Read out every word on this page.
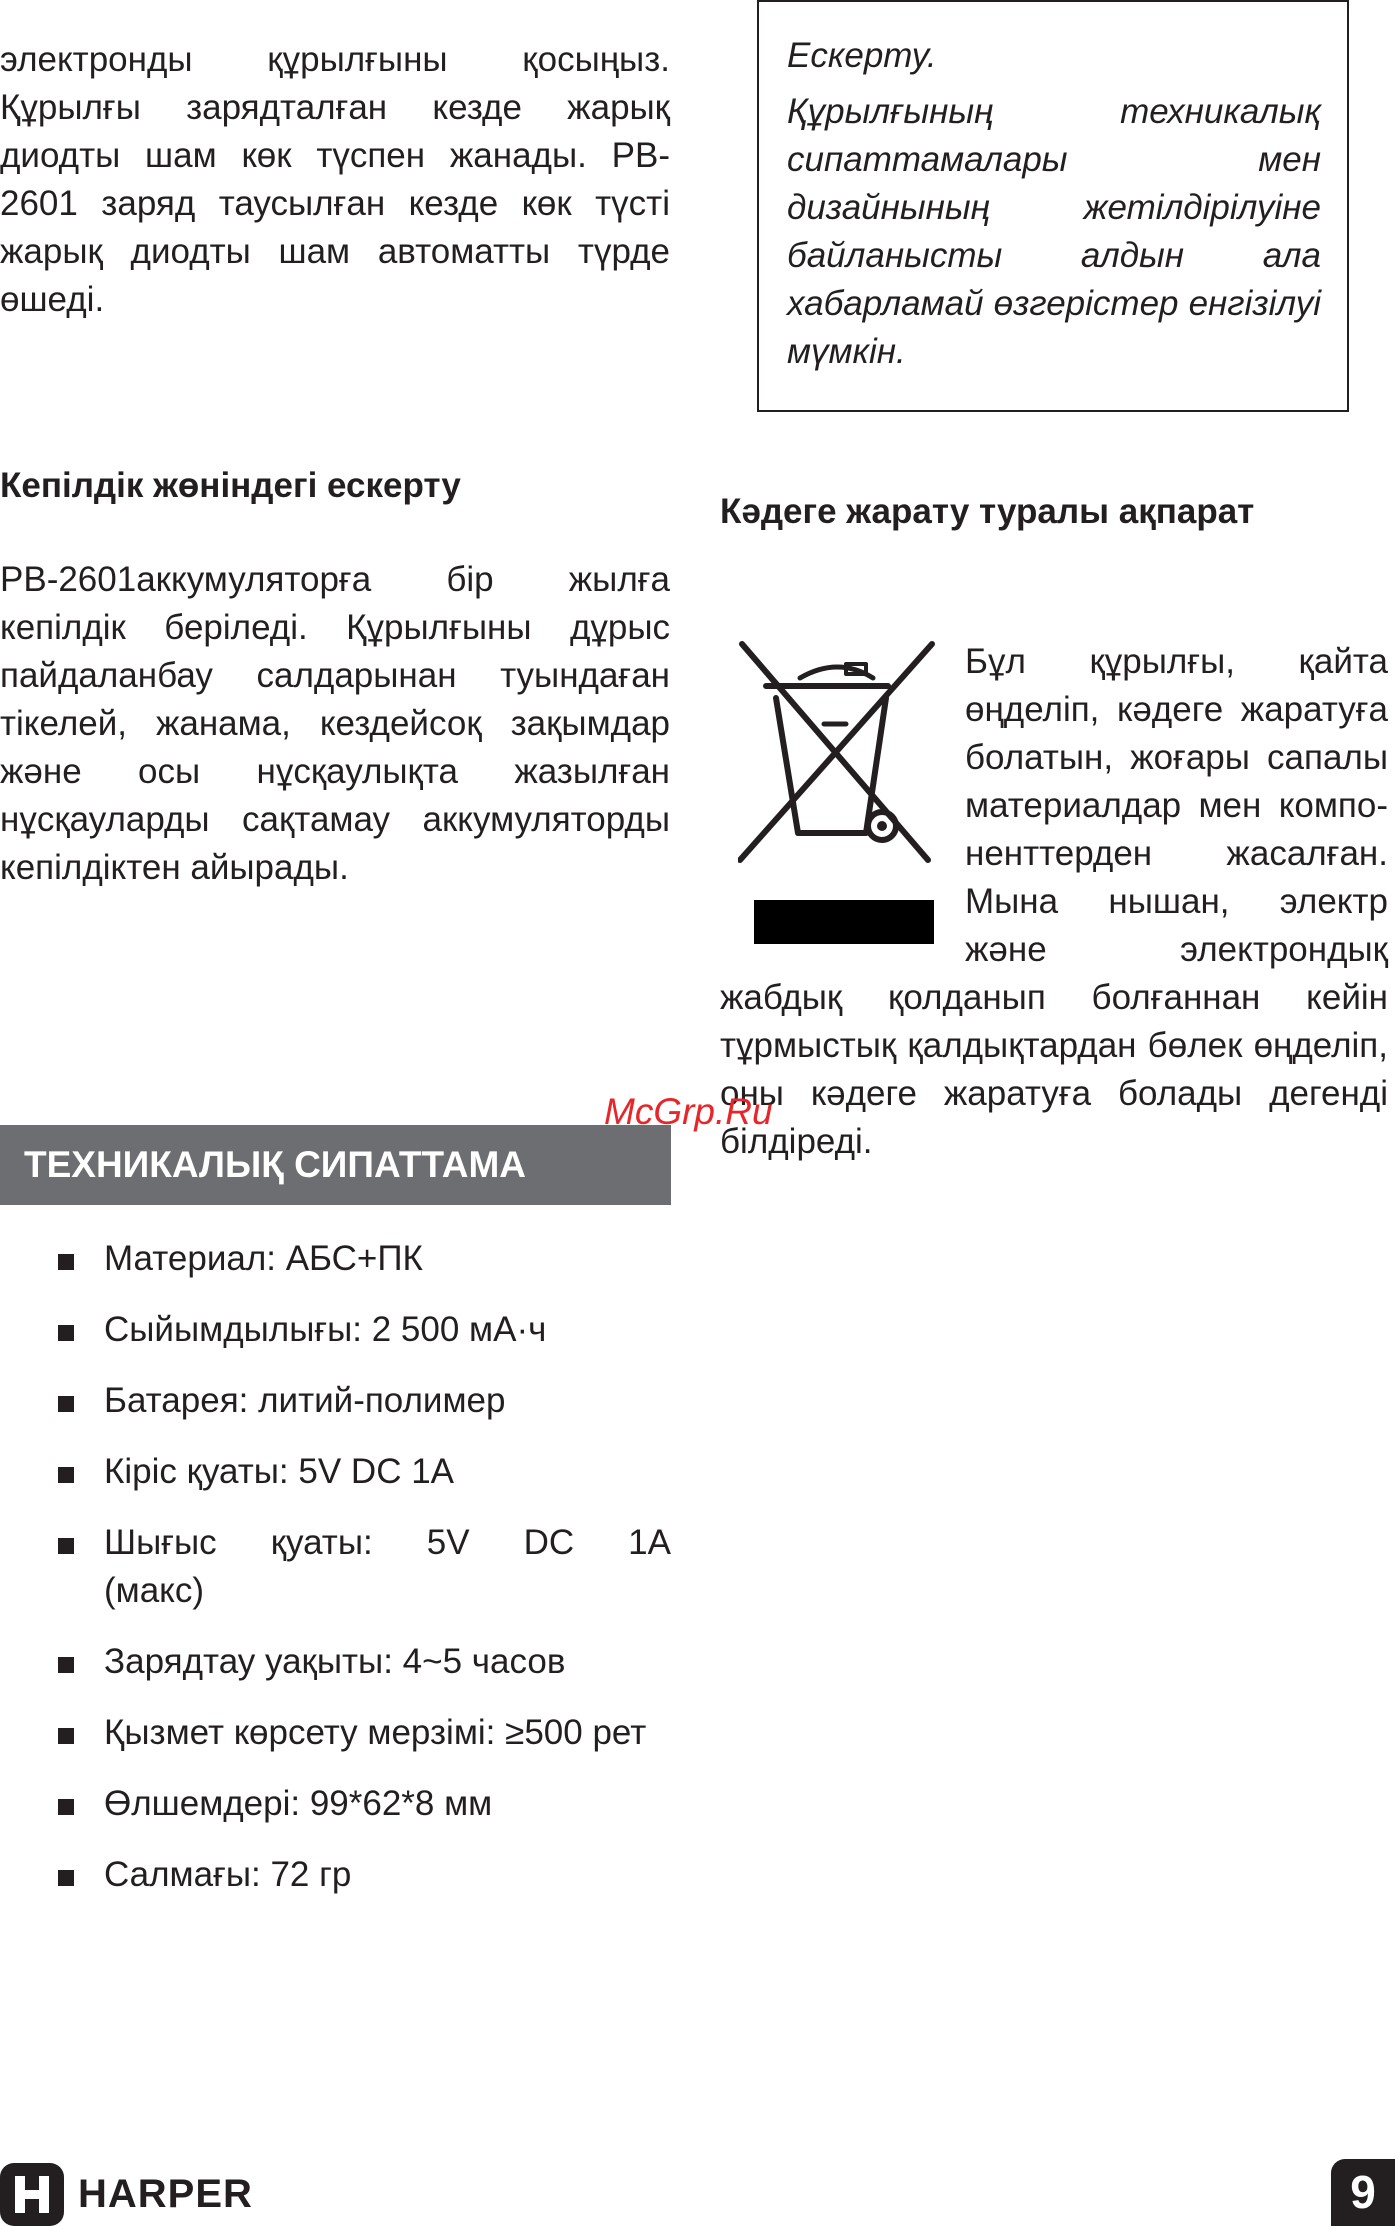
электронды құрылғыны қосыңыз. Құрылғы зарядталған кезде жарық диодты шам көк түспен жанады. PB-2601 заряд таусылған кезде көк түсті жарық диодты шам автоматты түрде өшеді.

Ескерту.

Құрылғының техникалық сипаттамалары мен дизайнының жетілдірілуіне байланысты алдын ала хабарламай өзгерістер енгізілуі мүмкін.

Кепілдік жөніндегі ескерту

PB-2601аккумуляторға бір жылға кепілдік беріледі. Құрылғыны дұрыс пайдаланбау салдарынан туындаған тікелей, жанама, кездейсоқ зақымдар және осы нұсқаулықта жазылған нұсқауларды сақтамау аккумуляторды кепілдіктен айырады.

Кәдеге жарату туралы ақпарат
Бұл құрылғы, қайта өңделіп, кәдеге жаратуға болатын, жоғары сапалы материалдар мен компоненттерден жасалған. Мына нышан, электр және электрондық жабдық қолданып болғаннан кейін тұрмыстық қалдықтардан бөлек өңделіп, оны кәдеге жаратуға болады дегенді білдіреді.
ТЕХНИКАЛЫҚ СИПАТТАМА
Материал: АБС+ПК
Сыйымдылығы: 2 500 мА·ч
Батарея: литий-полимер
Кіріс қуаты: 5V DC 1A
Шығыс қуаты: 5V DC 1A (макс)
Зарядтау уақыты: 4~5 часов
Қызмет көрсету мерзімі: ≥500 рет
Өлшемдері: 99*62*8 мм
Салмағы: 72 гр
McGrp.Ru
HARPER	9
